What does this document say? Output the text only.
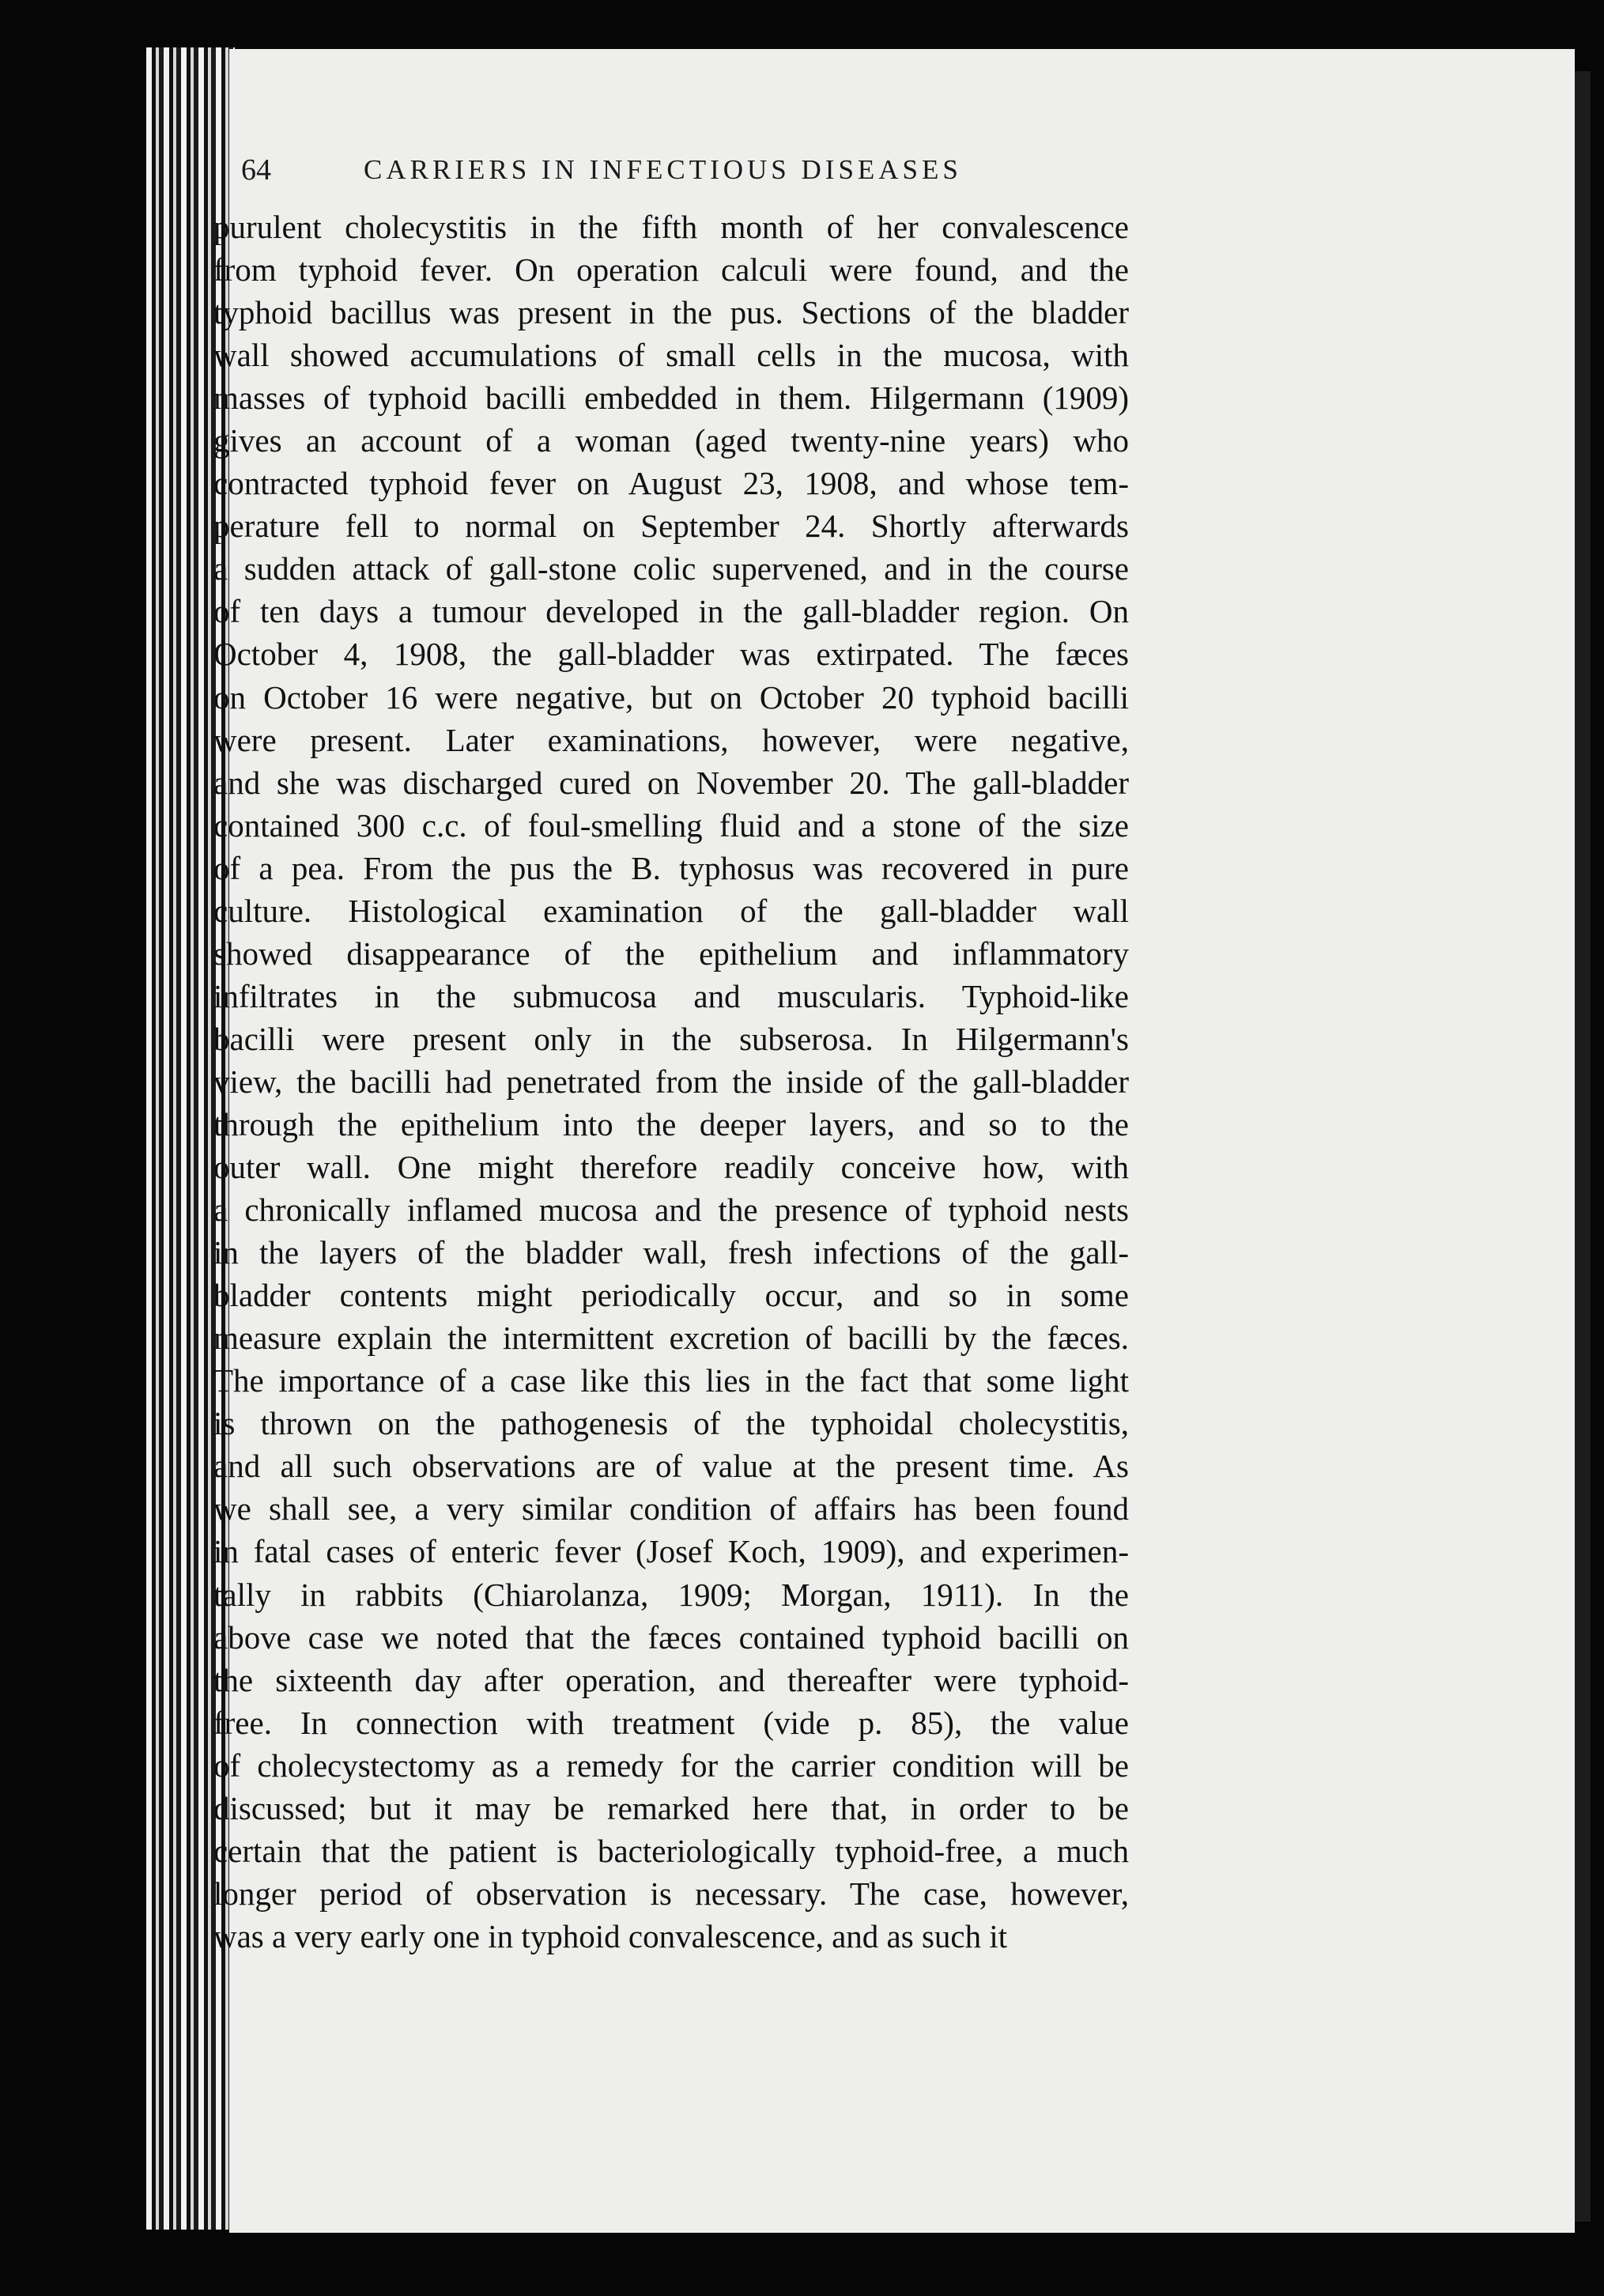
64	CARRIERS IN INFECTIOUS DISEASES
purulent cholecystitis in the fifth month of her convalescence
from typhoid fever. On operation calculi were found, and the
typhoid bacillus was present in the pus. Sections of the bladder
wall showed accumulations of small cells in the mucosa, with
masses of typhoid bacilli embedded in them. Hilgermann (1909)
gives an account of a woman (aged twenty-nine years) who
contracted typhoid fever on August 23, 1908, and whose tem-
perature fell to normal on September 24. Shortly afterwards
a sudden attack of gall-stone colic supervened, and in the course
of ten days a tumour developed in the gall-bladder region. On
October 4, 1908, the gall-bladder was extirpated. The fæces
on October 16 were negative, but on October 20 typhoid bacilli
were present. Later examinations, however, were negative,
and she was discharged cured on November 20. The gall-bladder
contained 300 c.c. of foul-smelling fluid and a stone of the size
of a pea. From the pus the B. typhosus was recovered in pure
culture. Histological examination of the gall-bladder wall
showed disappearance of the epithelium and inflammatory
infiltrates in the submucosa and muscularis. Typhoid-like
bacilli were present only in the subserosa. In Hilgermann's
view, the bacilli had penetrated from the inside of the gall-bladder
through the epithelium into the deeper layers, and so to the
outer wall. One might therefore readily conceive how, with
a chronically inflamed mucosa and the presence of typhoid nests
in the layers of the bladder wall, fresh infections of the gall-
bladder contents might periodically occur, and so in some
measure explain the intermittent excretion of bacilli by the fæces.
The importance of a case like this lies in the fact that some light
is thrown on the pathogenesis of the typhoidal cholecystitis,
and all such observations are of value at the present time. As
we shall see, a very similar condition of affairs has been found
in fatal cases of enteric fever (Josef Koch, 1909), and experimen-
tally in rabbits (Chiarolanza, 1909; Morgan, 1911). In the
above case we noted that the fæces contained typhoid bacilli on
the sixteenth day after operation, and thereafter were typhoid-
free. In connection with treatment (vide p. 85), the value
of cholecystectomy as a remedy for the carrier condition will be
discussed; but it may be remarked here that, in order to be
certain that the patient is bacteriologically typhoid-free, a much
longer period of observation is necessary. The case, however,
was a very early one in typhoid convalescence, and as such it
